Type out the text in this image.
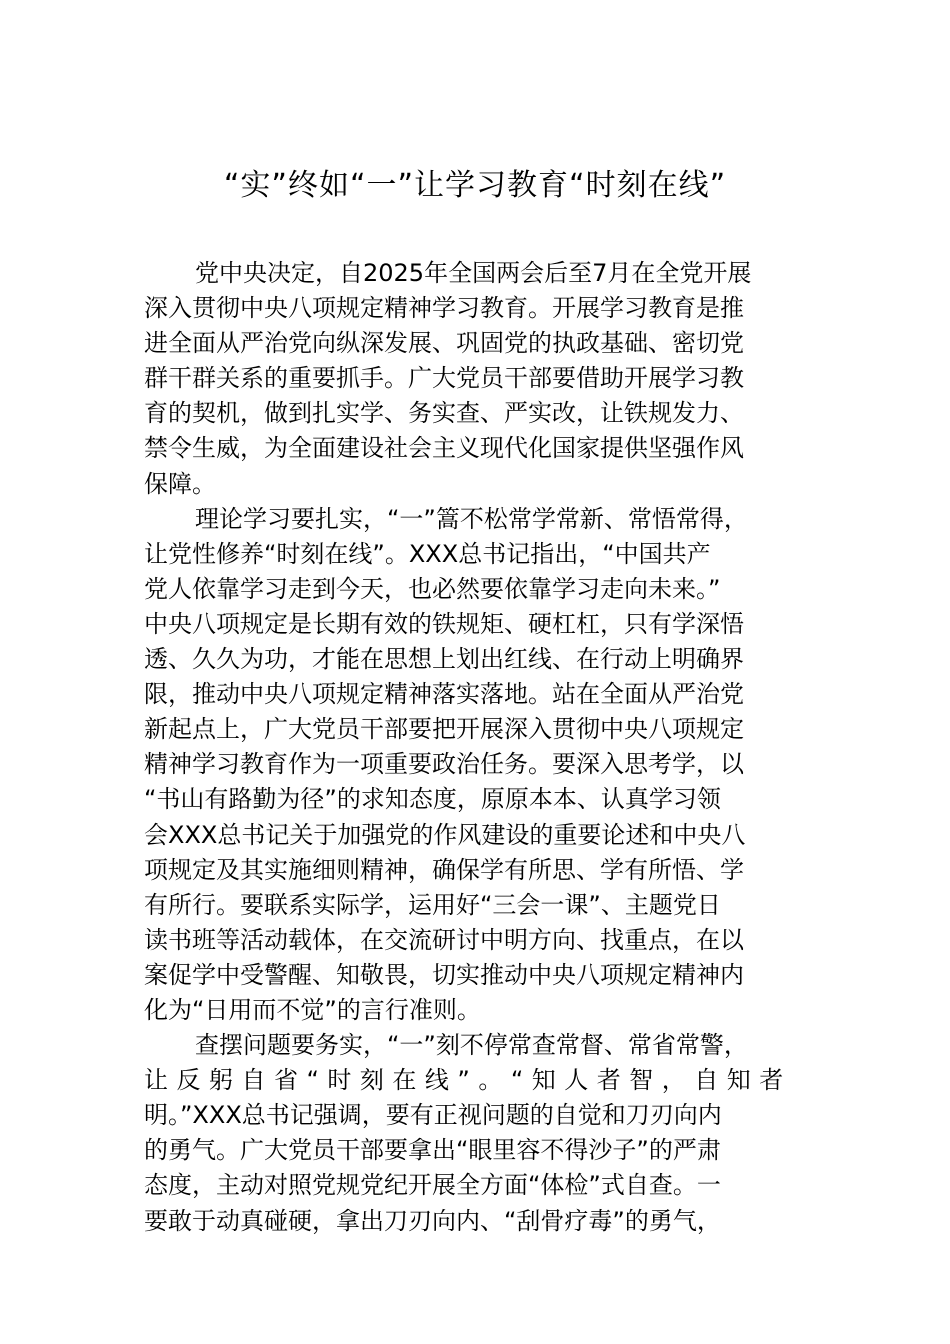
“实”终如“一”让学习教育“时刻在线”

党中央决定，自2025年全国两会后至7月在全党开展
深入贯彻中央八项规定精神学习教育。开展学习教育是推
进全面从严治党向纵深发展、巩固党的执政基础、密切党
群干群关系的重要抓手。广大党员干部要借助开展学习教
育的契机，做到扎实学、务实查、严实改，让铁规发力、
禁令生威，为全面建设社会主义现代化国家提供坚强作风
保障。

理论学习要扎实，“一”篙不松常学常新、常悟常得，
让党性修养“时刻在线”。XXX总书记指出，“中国共产
党人依靠学习走到今天，也必然要依靠学习走向未来。”
中央八项规定是长期有效的铁规矩、硬杠杠，只有学深悟
透、久久为功，才能在思想上划出红线、在行动上明确界
限，推动中央八项规定精神落实落地。站在全面从严治党
新起点上，广大党员干部要把开展深入贯彻中央八项规定
精神学习教育作为一项重要政治任务。要深入思考学，以
“书山有路勤为径”的求知态度，原原本本、认真学习领
会XXX总书记关于加强党的作风建设的重要论述和中央八
项规定及其实施细则精神，确保学有所思、学有所悟、学
有所行。要联系实际学，运用好“三会一课”、主题党日
读书班等活动载体，在交流研讨中明方向、找重点，在以
案促学中受警醒、知敬畏，切实推动中央八项规定精神内
化为“日用而不觉”的言行准则。

查摆问题要务实，“一”刻不停常查常督、常省常警，
让反躬自省“时刻在线”。“知人者智，自知者
明。”XXX总书记强调，要有正视问题的自觉和刀刃向内
的勇气。广大党员干部要拿出“眼里容不得沙子”的严肃
态度，主动对照党规党纪开展全方面“体检”式自查。一
要敢于动真碰硬，拿出刀刃向内、“刮骨疗毒”的勇气，
